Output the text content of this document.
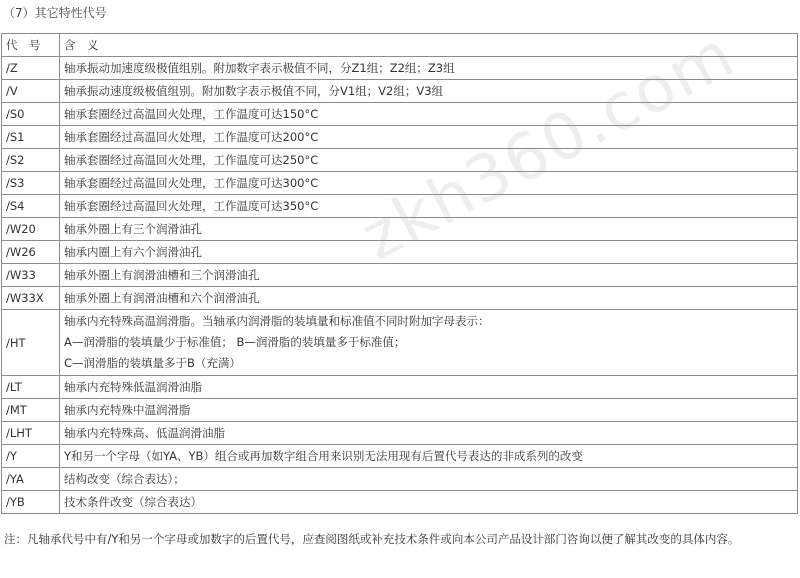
（7）其它特性代号
代　号	含　义
/Z	轴承振动加速度级极值组别。附加数字表示极值不同，分Z1组；Z2组；Z3组
/V	轴承振动速度级极值组别。附加数字表示极值不同，分V1组；V2组；V3组
/S0	轴承套圈经过高温回火处理，工作温度可达150°C
/S1	轴承套圈经过高温回火处理，工作温度可达200°C
/S2	轴承套圈经过高温回火处理，工作温度可达250°C
/S3	轴承套圈经过高温回火处理，工作温度可达300°C
/S4	轴承套圈经过高温回火处理，工作温度可达350°C
/W20	轴承外圈上有三个润滑油孔
/W26	轴承内圈上有六个润滑油孔
/W33	轴承外圈上有润滑油槽和三个润滑油孔
/W33X	轴承外圈上有润滑油槽和六个润滑油孔
/HT	轴承内充特殊高温润滑脂。当轴承内润滑脂的装填量和标准值不同时附加字母表示：
A—润滑脂的装填量少于标准值； B—润滑脂的装填量多于标准值；
C—润滑脂的装填量多于B（充满）

/LT	轴承内充特殊低温润滑油脂
/MT	轴承内充特殊中温润滑脂
/LHT	轴承内充特殊高、低温润滑油脂
/Y	Y和另一个字母（如YA、YB）组合或再加数字组合用来识别无法用现有后置代号表达的非成系列的改变
/YA	结构改变（综合表达）；
/YB	技术条件改变（综合表达）

注：凡轴承代号中有/Y和另一个字母或加数字的后置代号，应查阅图纸或补充技术条件或向本公司产品设计部门咨询以便了解其改变的具体内容。

zkh360.com
